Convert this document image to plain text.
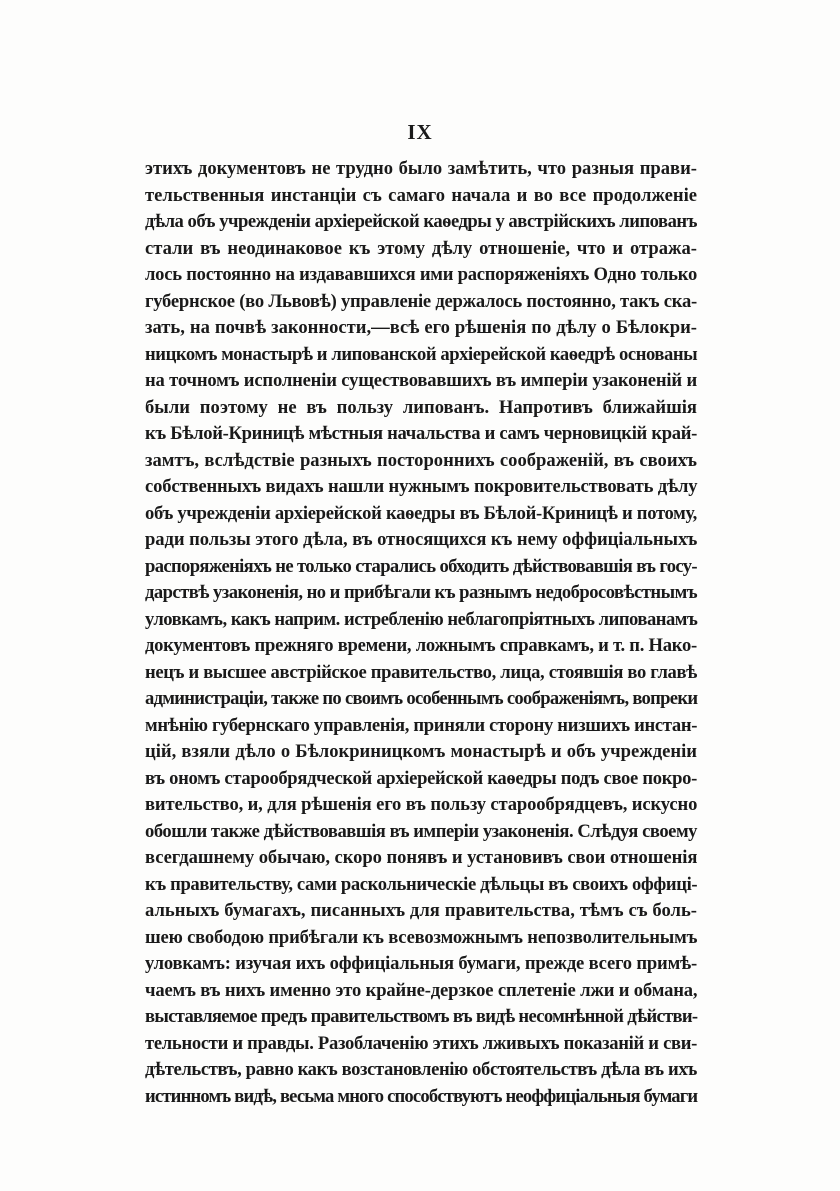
IX
этихъ документовъ не трудно было замѣтить, что разныя прави-
тельственныя инстанціи съ самаго начала и во все продолженіе
дѣла объ учрежденіи архіерейской каѳедры у австрійскихъ липованъ
стали въ неодинаковое къ этому дѣлу отношеніе, что и отража-
лось постоянно на издававшихся ими распоряженіяхъ Одно только
губернское (во Львовѣ) управленіе держалось постоянно, такъ ска-
зать, на почвѣ законности,—всѣ его рѣшенія по дѣлу о Бѣлокри-
ницкомъ монастырѣ и липованской архіерейской каѳедрѣ основаны
на точномъ исполненіи существовавшихъ въ имперіи узаконеній и
были поэтому не въ пользу липованъ. Напротивъ ближайшія
къ Бѣлой-Криницѣ мѣстныя начальства и самъ черновицкій край-
замтъ, вслѣдствіе разныхъ постороннихъ соображеній, въ своихъ
собственныхъ видахъ нашли нужнымъ покровительствовать дѣлу
объ учрежденіи архіерейской каѳедры въ Бѣлой-Криницѣ и потому,
ради пользы этого дѣла, въ относящихся къ нему оффиціальныхъ
распоряженіяхъ не только старались обходить дѣйствовавшія въ госу-
дарствѣ узаконенія, но и прибѣгали къ разнымъ недобросовѣстнымъ
уловкамъ, какъ наприм. истребленію неблагопріятныхъ липованамъ
документовъ прежняго времени, ложнымъ справкамъ, и т. п. Нако-
нецъ и высшее австрійское правительство, лица, стоявшія во главѣ
администраціи, также по своимъ особеннымъ соображеніямъ, вопреки
мнѣнію губернскаго управленія, приняли сторону низшихъ инстан-
цій, взяли дѣло о Бѣлокриницкомъ монастырѣ и объ учрежденіи
въ ономъ старообрядческой архіерейской каѳедры подъ свое покро-
вительство, и, для рѣшенія его въ пользу старообрядцевъ, искусно
обошли также дѣйствовавшія въ имперіи узаконенія. Слѣдуя своему
всегдашнему обычаю, скоро понявъ и установивъ свои отношенія
къ правительству, сами раскольническіе дѣльцы въ своихъ оффиці-
альныхъ бумагахъ, писанныхъ для правительства, тѣмъ съ боль-
шею свободою прибѣгали къ всевозможнымъ непозволительнымъ
уловкамъ: изучая ихъ оффиціальныя бумаги, прежде всего примѣ-
чаемъ въ нихъ именно это крайне-дерзкое сплетеніе лжи и обмана,
выставляемое предъ правительствомъ въ видѣ несомнѣнной дѣйстви-
тельности и правды. Разоблаченію этихъ лживыхъ показаній и сви-
дѣтельствъ, равно какъ возстановленію обстоятельствъ дѣла въ ихъ
истинномъ видѣ, весьма много способствуютъ неоффиціальныя бумаги
